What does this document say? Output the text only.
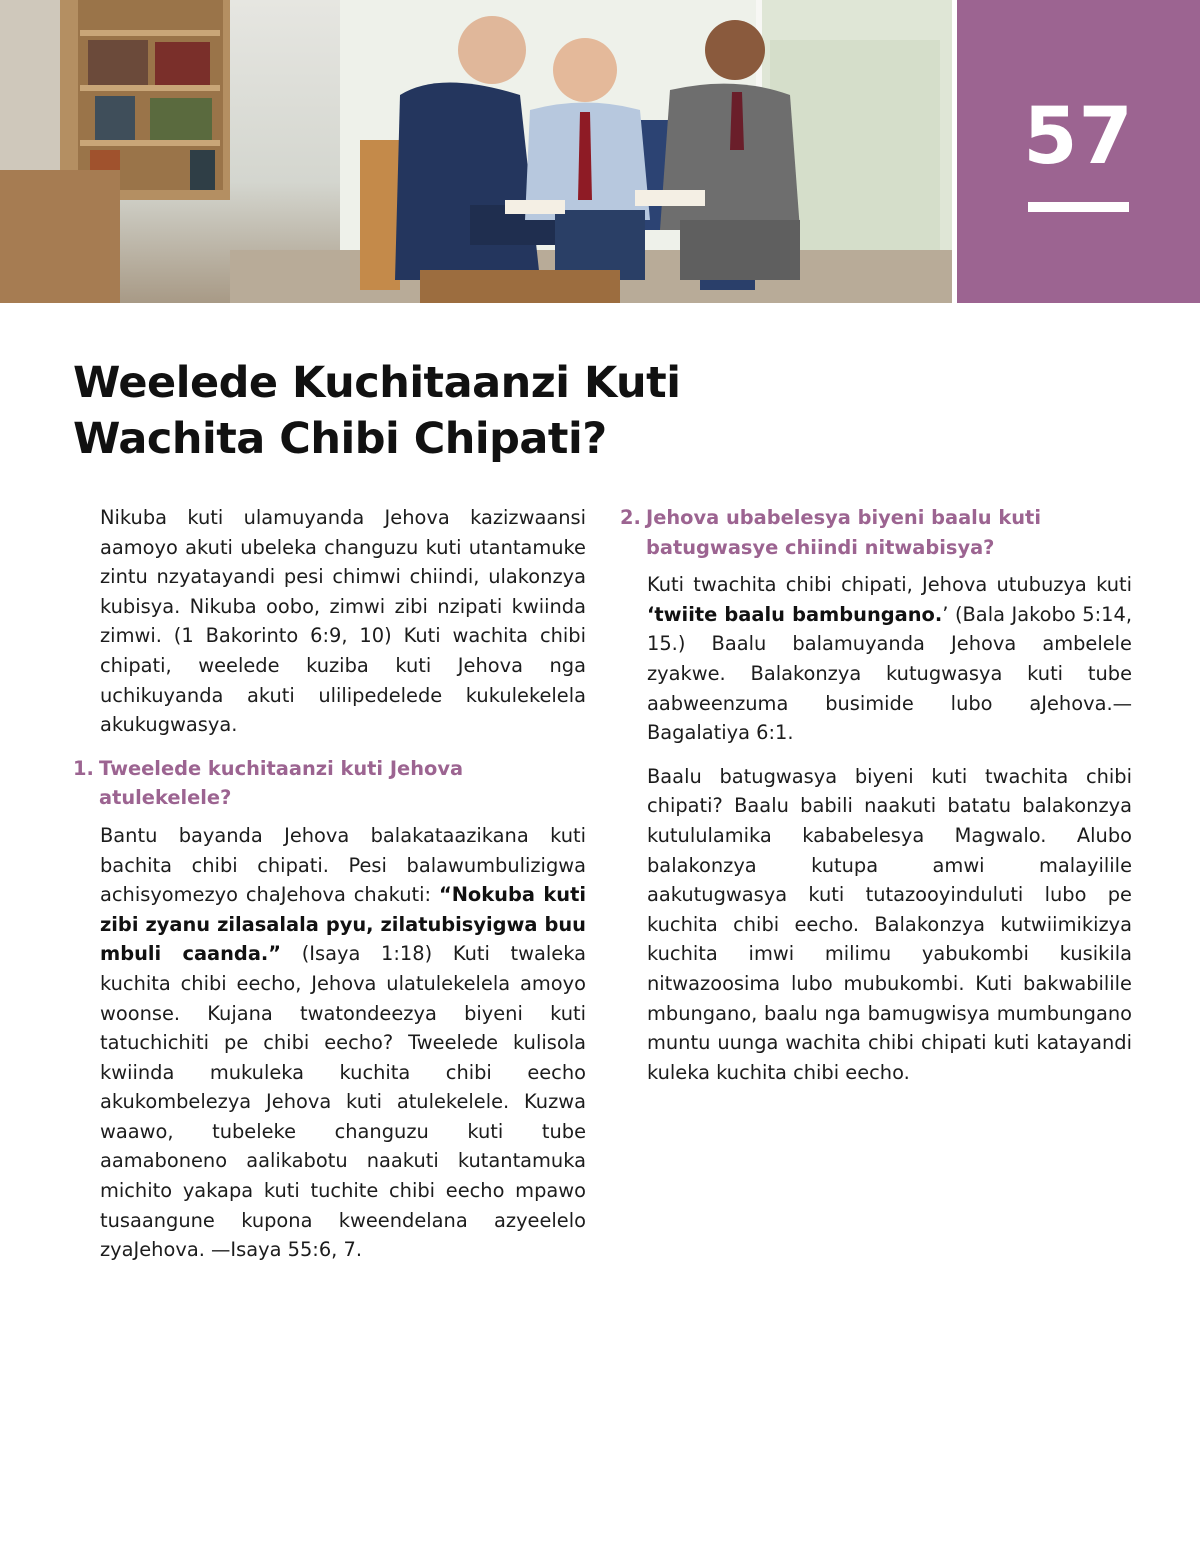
57
Weelede Kuchitaanzi Kuti
Wachita Chibi Chipati?

Nikuba kuti ulamuyanda Jehova kazizwaansi aamoyo akuti ubeleka changuzu kuti utantamuke zintu nzyatayandi pesi chimwi chiindi, ulakonzya kubisya. Nikuba oobo, zimwi zibi nzipati kwiinda zimwi. (1 Bakorinto 6:9, 10) Kuti wachita chibi chipati, weelede kuziba kuti Jehova nga uchikuyanda akuti ulilipedelede kukulekelela akukugwasya.

1. Tweelede kuchitaanzi kuti Jehova atulekelele?

Bantu bayanda Jehova balakataazikana kuti bachita chibi chipati. Pesi balawumbulizigwa achisyomezyo chaJehova chakuti: “Nokuba kuti zibi zyanu zilasalala pyu, zilatubisyigwa buu mbuli caanda.” (Isaya 1:18) Kuti twaleka kuchita chibi eecho, Jehova ulatulekelela amoyo woonse. Kujana twatondeezya biyeni kuti tatuchichiti pe chibi eecho? Tweelede kulisola kwiinda mukuleka kuchita chibi eecho akukombelezya Jehova kuti atulekelele. Kuzwa waawo, tubeleke changuzu kuti tube aamaboneno aalikabotu naakuti kutantamuka michito yakapa kuti tuchite chibi eecho mpawo tusaangune kupona kweendelana azyeelelo zyaJehova. —Isaya 55:6, 7.

2. Jehova ubabelesya biyeni baalu kuti batugwasye chiindi nitwabisya?

Kuti twachita chibi chipati, Jehova utubuzya kuti ‘twiite baalu bambungano.’ (Bala Jakobo 5:14, 15.) Baalu balamuyanda Jehova ambelele zyakwe. Balakonzya kutugwasya kuti tube aabweenzuma busimide lubo aJehova.—Bagalatiya 6:1.

Baalu batugwasya biyeni kuti twachita chibi chipati? Baalu babili naakuti batatu balakonzya kutululamika kababelesya Magwalo. Alubo balakonzya kutupa amwi malayilile aakutugwasya kuti tutazooyinduluti lubo pe kuchita chibi eecho. Balakonzya kutwiimikizya kuchita imwi milimu yabukombi kusikila nitwazoosima lubo mubukombi. Kuti bakwabilile mbungano, baalu nga bamugwisya mumbungano muntu uunga wachita chibi chipati kuti katayandi kuleka kuchita chibi eecho.
